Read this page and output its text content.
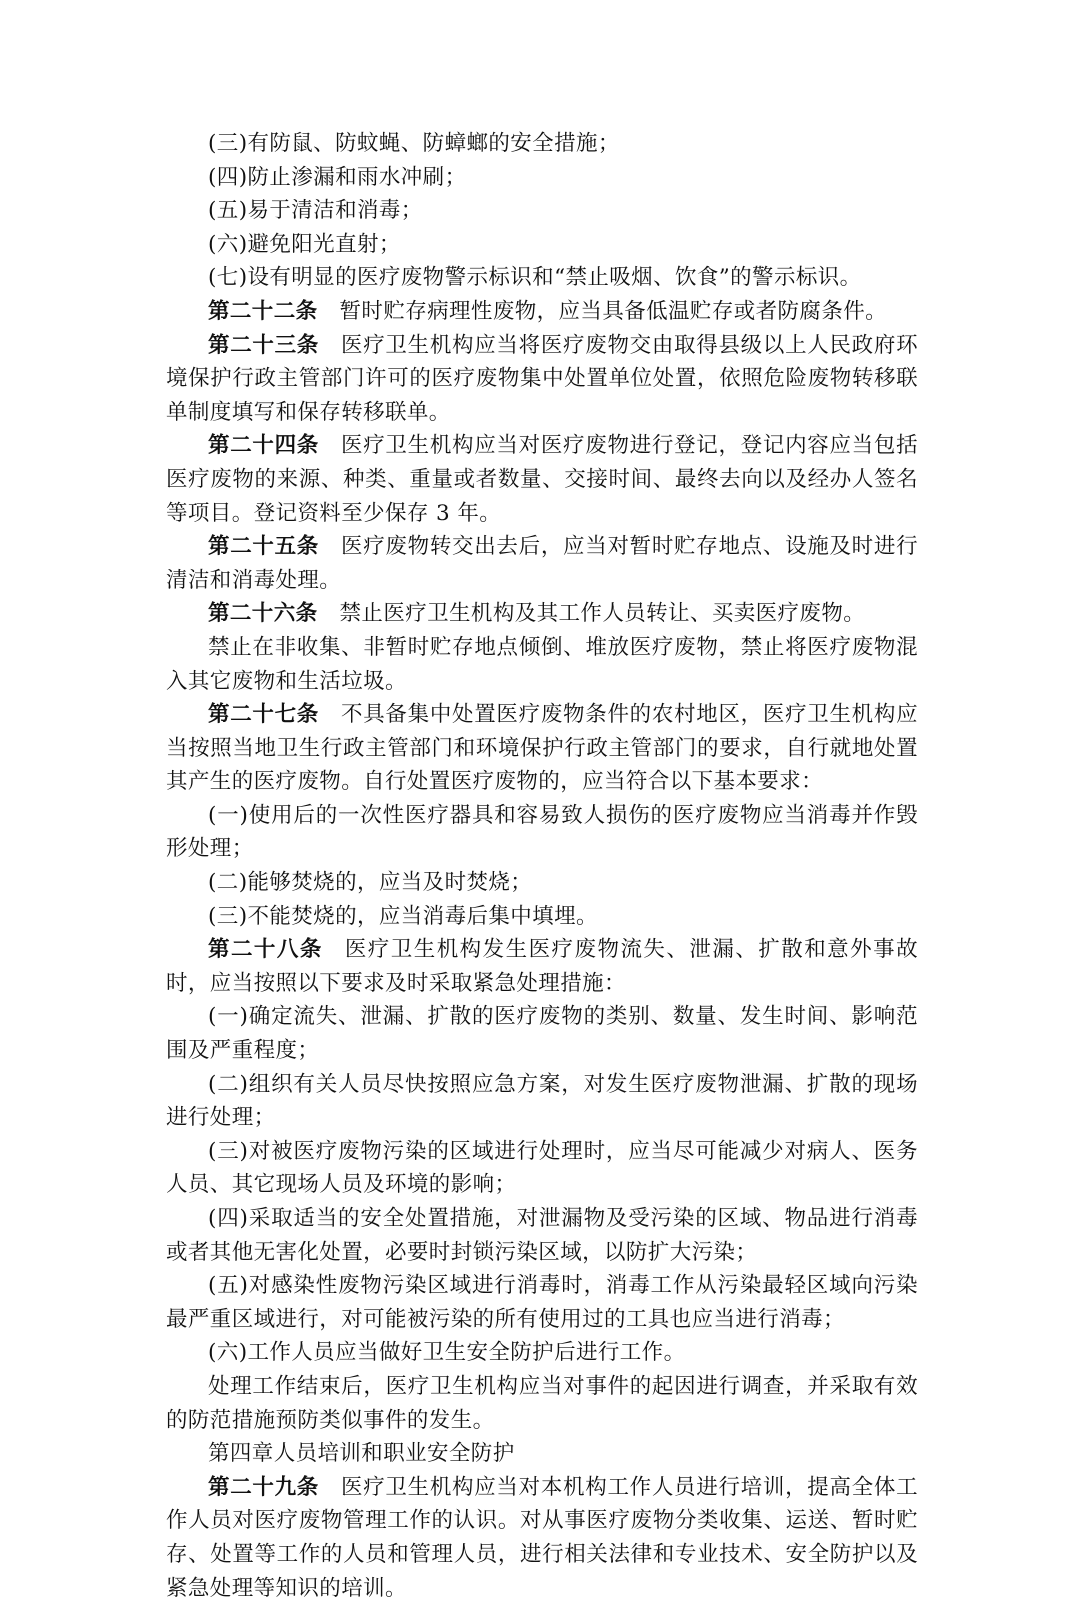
(三)有防鼠、防蚊蝇、防蟑螂的安全措施；

(四)防止渗漏和雨水冲刷；

(五)易于清洁和消毒；

(六)避免阳光直射；

(七)设有明显的医疗废物警示标识和“禁止吸烟、饮食”的警示标识。

第二十二条 暂时贮存病理性废物，应当具备低温贮存或者防腐条件。

第二十三条 医疗卫生机构应当将医疗废物交由取得县级以上人民政府环境保护行政主管部门许可的医疗废物集中处置单位处置，依照危险废物转移联单制度填写和保存转移联单。

第二十四条 医疗卫生机构应当对医疗废物进行登记，登记内容应当包括医疗废物的来源、种类、重量或者数量、交接时间、最终去向以及经办人签名等项目。登记资料至少保存 3 年。

第二十五条 医疗废物转交出去后，应当对暂时贮存地点、设施及时进行清洁和消毒处理。

第二十六条 禁止医疗卫生机构及其工作人员转让、买卖医疗废物。

禁止在非收集、非暂时贮存地点倾倒、堆放医疗废物，禁止将医疗废物混入其它废物和生活垃圾。

第二十七条 不具备集中处置医疗废物条件的农村地区，医疗卫生机构应当按照当地卫生行政主管部门和环境保护行政主管部门的要求，自行就地处置其产生的医疗废物。自行处置医疗废物的，应当符合以下基本要求：

(一)使用后的一次性医疗器具和容易致人损伤的医疗废物应当消毒并作毁形处理；

(二)能够焚烧的，应当及时焚烧；

(三)不能焚烧的，应当消毒后集中填埋。

第二十八条 医疗卫生机构发生医疗废物流失、泄漏、扩散和意外事故时，应当按照以下要求及时采取紧急处理措施：

(一)确定流失、泄漏、扩散的医疗废物的类别、数量、发生时间、影响范围及严重程度；

(二)组织有关人员尽快按照应急方案，对发生医疗废物泄漏、扩散的现场进行处理；

(三)对被医疗废物污染的区域进行处理时，应当尽可能减少对病人、医务人员、其它现场人员及环境的影响；

(四)采取适当的安全处置措施，对泄漏物及受污染的区域、物品进行消毒或者其他无害化处置，必要时封锁污染区域，以防扩大污染；

(五)对感染性废物污染区域进行消毒时，消毒工作从污染最轻区域向污染最严重区域进行，对可能被污染的所有使用过的工具也应当进行消毒；

(六)工作人员应当做好卫生安全防护后进行工作。

处理工作结束后，医疗卫生机构应当对事件的起因进行调查，并采取有效的防范措施预防类似事件的发生。

第四章人员培训和职业安全防护

第二十九条 医疗卫生机构应当对本机构工作人员进行培训，提高全体工作人员对医疗废物管理工作的认识。对从事医疗废物分类收集、运送、暂时贮存、处置等工作的人员和管理人员，进行相关法律和专业技术、安全防护以及紧急处理等知识的培训。
